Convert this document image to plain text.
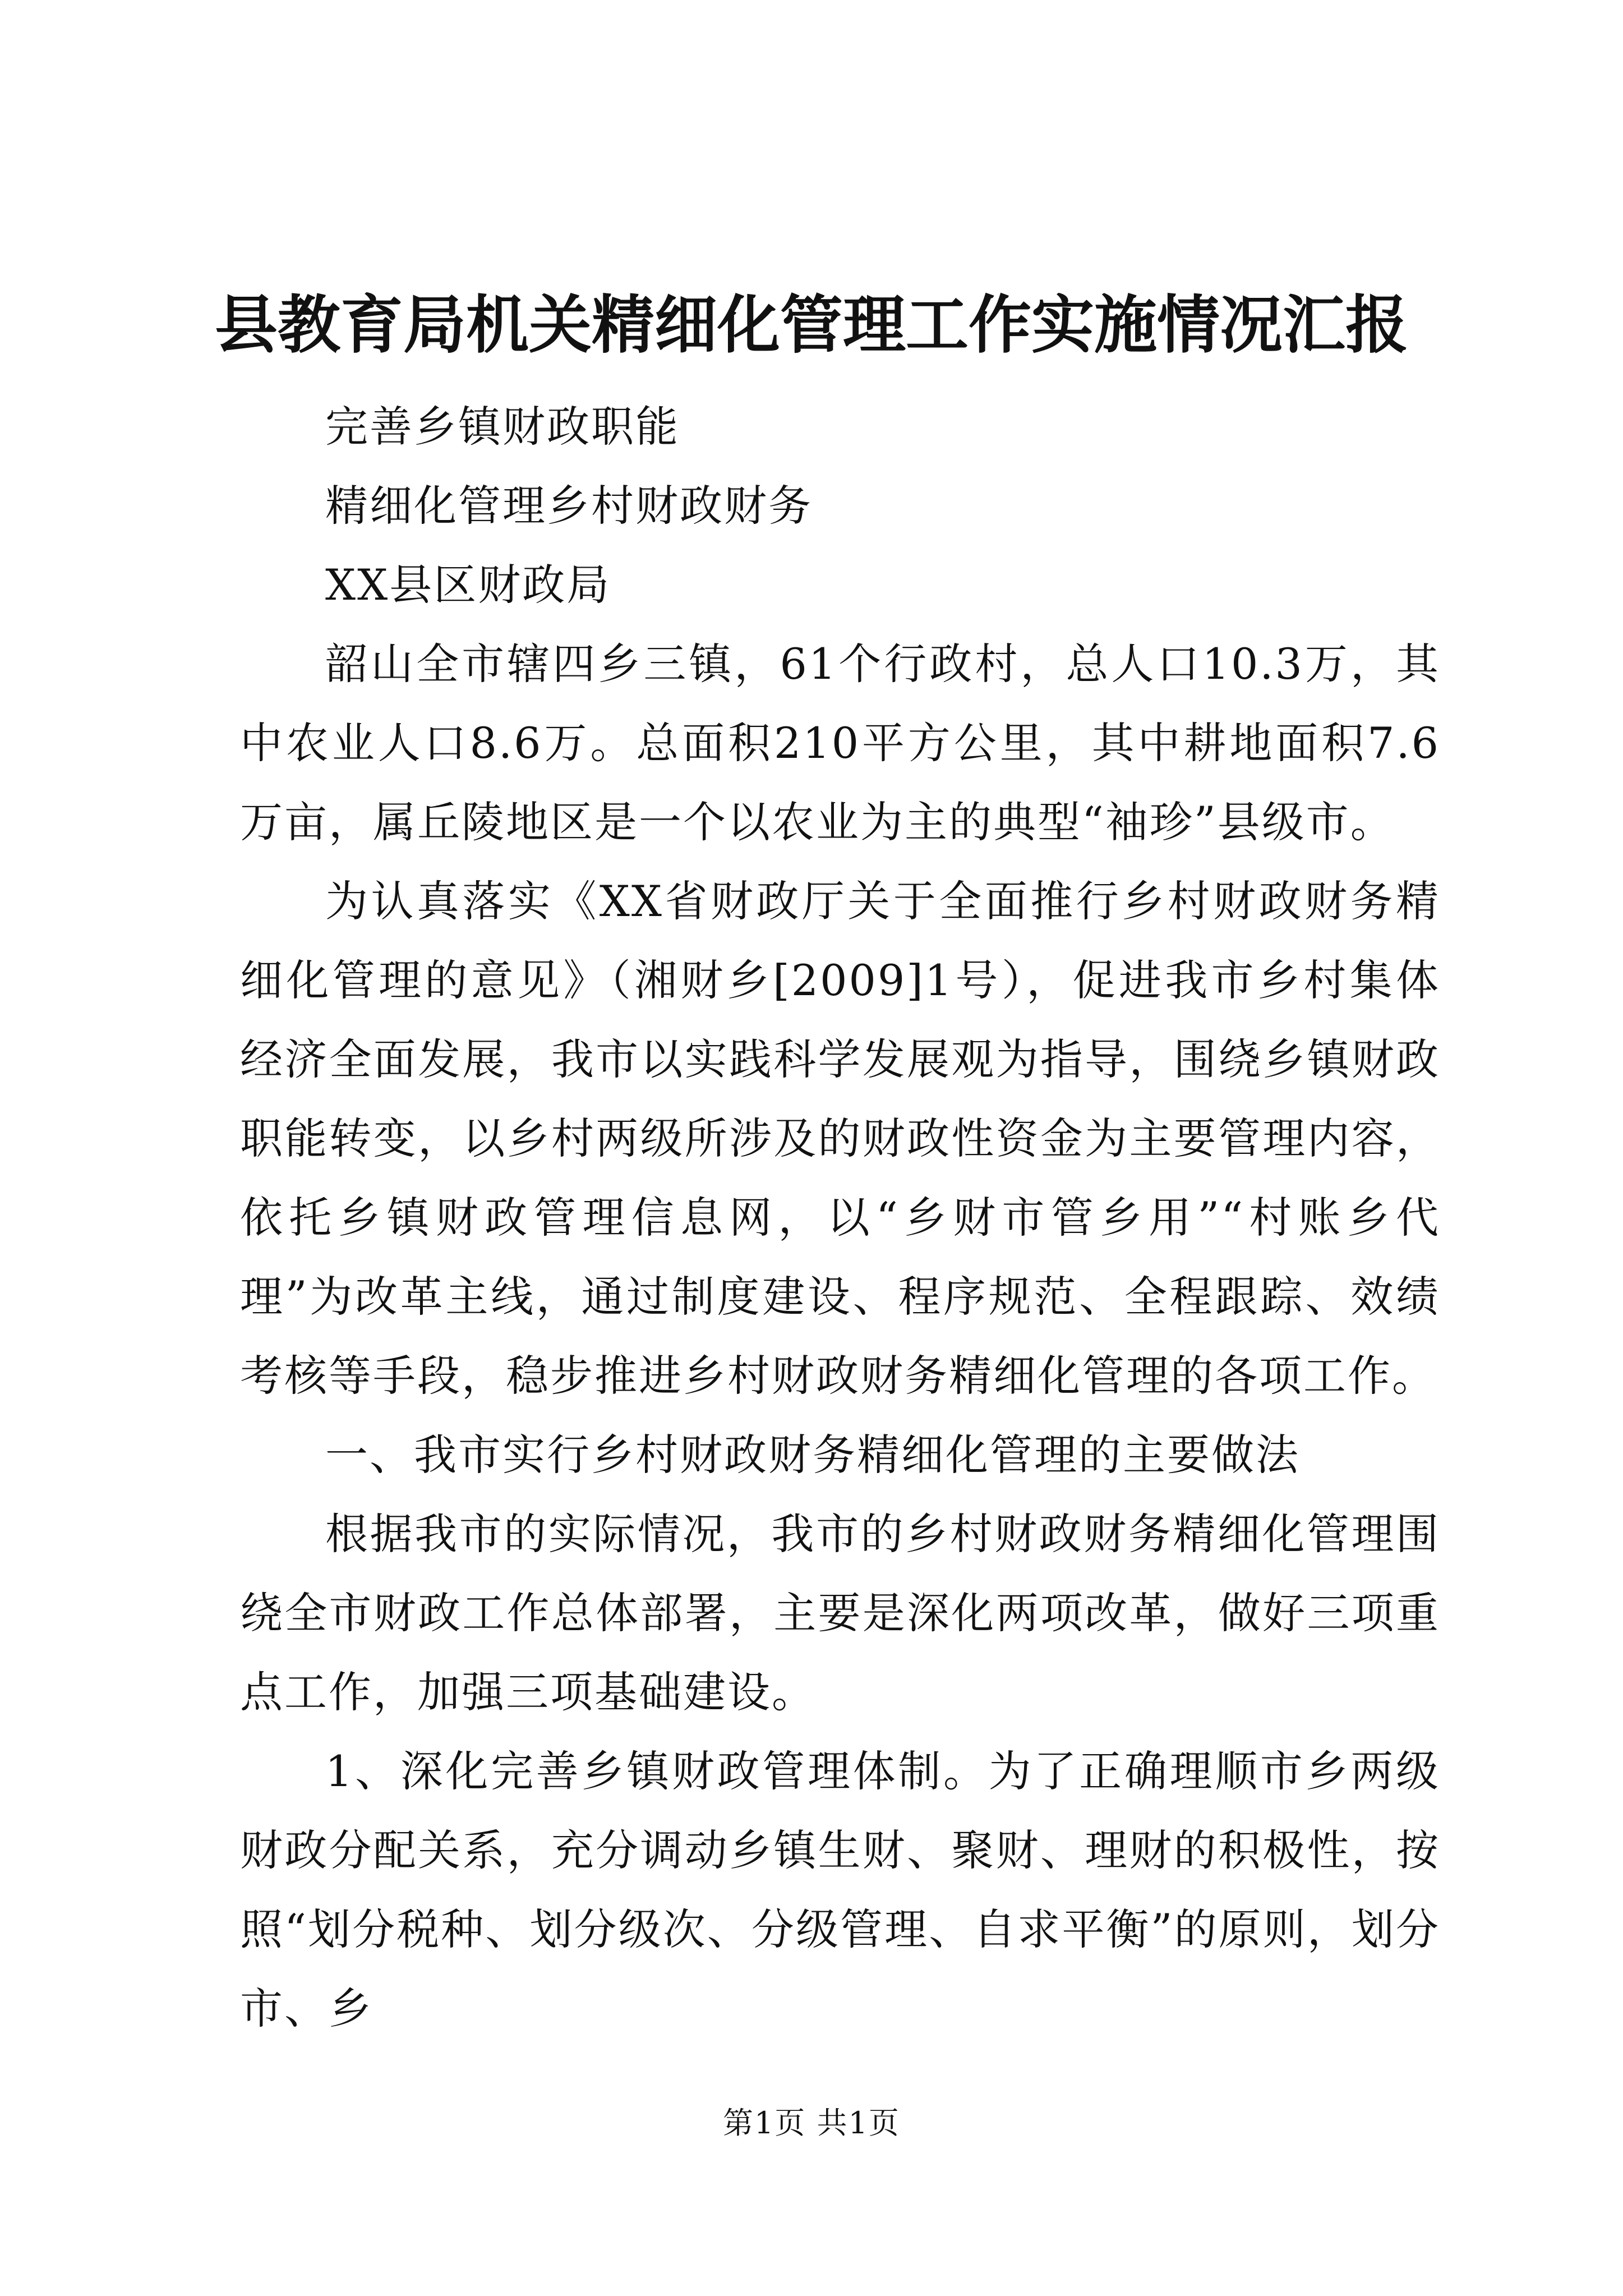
县教育局机关精细化管理工作实施情况汇报

完善乡镇财政职能

精细化管理乡村财政财务

XX县区财政局

韶山全市辖四乡三镇，61个行政村，总人口10.3万，其中农业人口8.6万。总面积210平方公里，其中耕地面积7.6万亩，属丘陵地区是一个以农业为主的典型“袖珍”县级市。

为认真落实《XX省财政厅关于全面推行乡村财政财务精细化管理的意见》（湘财乡[2009]1号），促进我市乡村集体经济全面发展，我市以实践科学发展观为指导，围绕乡镇财政职能转变，以乡村两级所涉及的财政性资金为主要管理内容，依托乡镇财政管理信息网，以“乡财市管乡用”“村账乡代理”为改革主线，通过制度建设、程序规范、全程跟踪、效绩考核等手段，稳步推进乡村财政财务精细化管理的各项工作。

一、我市实行乡村财政财务精细化管理的主要做法

根据我市的实际情况，我市的乡村财政财务精细化管理围绕全市财政工作总体部署，主要是深化两项改革，做好三项重点工作，加强三项基础建设。

1、深化完善乡镇财政管理体制。为了正确理顺市乡两级财政分配关系，充分调动乡镇生财、聚财、理财的积极性，按照“划分税种、划分级次、分级管理、自求平衡”的原则，划分市、乡

第1页 共1页
